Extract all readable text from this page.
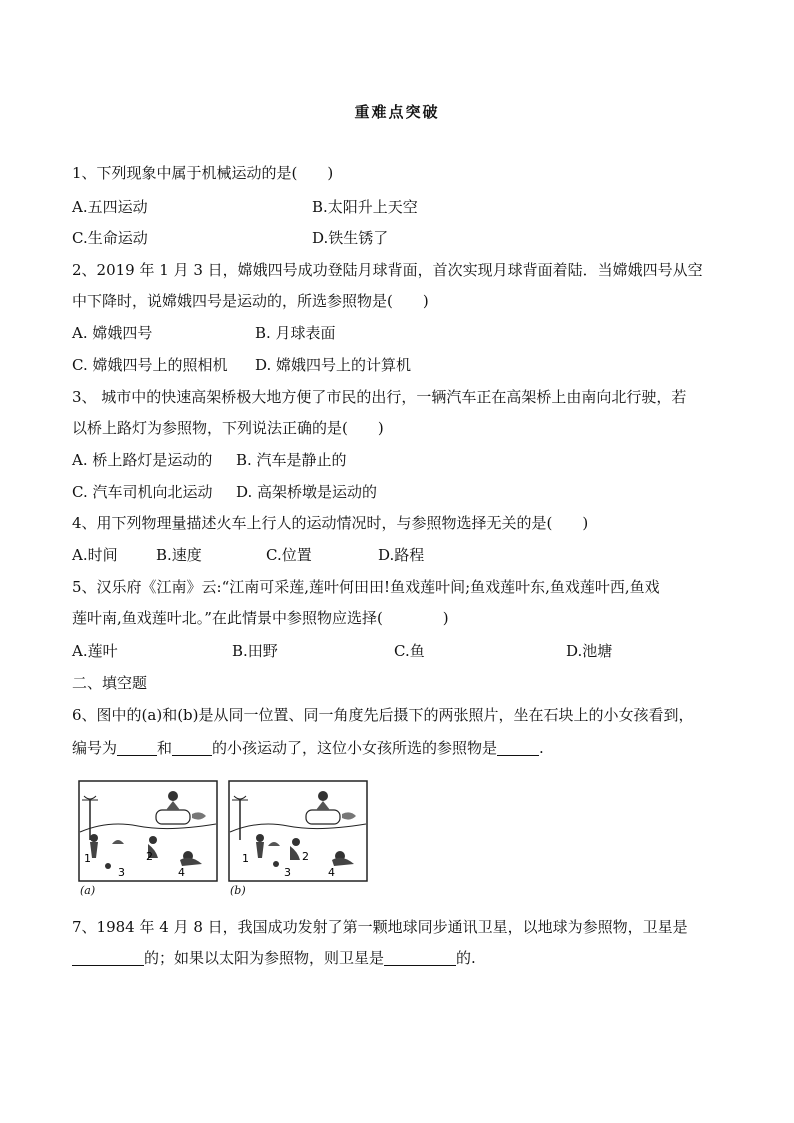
重难点突破

1、下列现象中属于机械运动的是(　　)

A.五四运动	B.太阳升上天空
C.生命运动	D.铁生锈了

2、2019 年 1 月 3 日，嫦娥四号成功登陆月球背面，首次实现月球背面着陆．当嫦娥四号从空

中下降时，说嫦娥四号是运动的，所选参照物是(　　)

A. 嫦娥四号	B. 月球表面
C. 嫦娥四号上的照相机 D. 嫦娥四号上的计算机

3、 城市中的快速高架桥极大地方便了市民的出行，一辆汽车正在高架桥上由南向北行驶，若

以桥上路灯为参照物，下列说法正确的是(　　)

A. 桥上路灯是运动的 B. 汽车是静止的
C. 汽车司机向北运动 D. 高架桥墩是运动的

4、用下列物理量描述火车上行人的运动情况时，与参照物选择无关的是(　　)

A.时间	B.速度	C.位置	D.路程

5、汉乐府《江南》云:“江南可采莲,莲叶何田田!鱼戏莲叶间;鱼戏莲叶东,鱼戏莲叶西,鱼戏

莲叶南,鱼戏莲叶北。”在此情景中参照物应选择(　　　　)

A.莲叶	B.田野	C.鱼	D.池塘

二、填空题

6、图中的(a)和(b)是从同一位置、同一角度先后摄下的两张照片，坐在石块上的小女孩看到，

编号为	和	的小孩运动了，这位小女孩所选的参照物是	.

1	2
3	4
(a)
1	2
3	4
(b)

7、1984 年 4 月 8 日，我国成功发射了第一颗地球同步通讯卫星，以地球为参照物，卫星是

的；如果以太阳为参照物，则卫星是	的.
